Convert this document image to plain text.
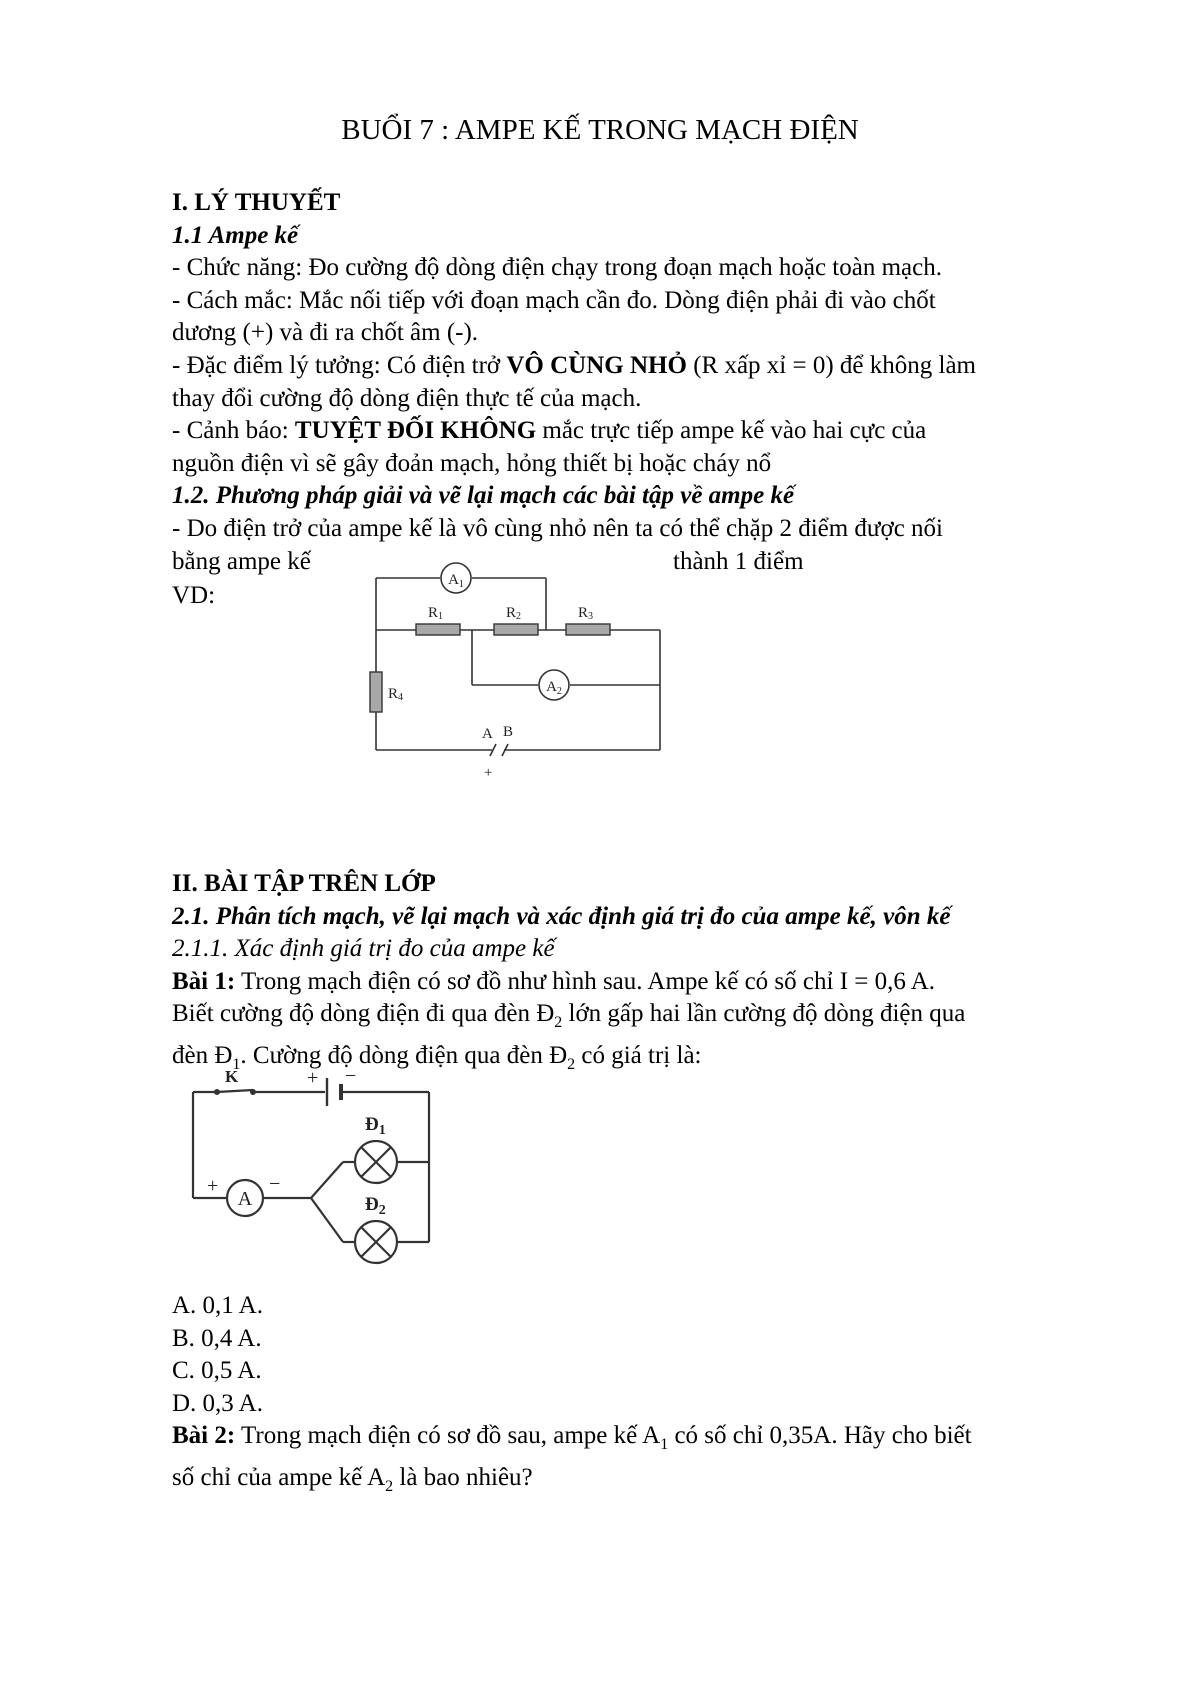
BUỔI 7 : AMPE KẾ TRONG MẠCH ĐIỆN

I. LÝ THUYẾT

1.1 Ampe kế

- Chức năng: Đo cường độ dòng điện chạy trong đoạn mạch hoặc toàn mạch.

- Cách mắc: Mắc nối tiếp với đoạn mạch cần đo. Dòng điện phải đi vào chốt

dương (+) và đi ra chốt âm (-).

- Đặc điểm lý tưởng: Có điện trở VÔ CÙNG NHỎ (R xấp xỉ = 0) để không làm

thay đổi cường độ dòng điện thực tế của mạch.

- Cảnh báo: TUYỆT ĐỐI KHÔNG mắc trực tiếp ampe kế vào hai cực của

nguồn điện vì sẽ gây đoản mạch, hỏng thiết bị hoặc cháy nổ

1.2. Phương pháp giải và vẽ lại mạch các bài tập về ampe kế

- Do điện trở của ampe kế là vô cùng nhỏ nên ta có thể chặp 2 điểm được nối

bằng ampe kế	thành 1 điểm
VD:
$A_1$
R1	R2	R3
$A_2$
R4
A B
+

II. BÀI TẬP TRÊN LỚP

2.1. Phân tích mạch, vẽ lại mạch và xác định giá trị đo của ampe kế, vôn kế

2.1.1. Xác định giá trị đo của ampe kế

Bài 1: Trong mạch điện có sơ đồ như hình sau. Ampe kế có số chỉ I = 0,6 A.

Biết cường độ dòng điện đi qua đèn $Đ_2$ lớn gấp hai lần cường độ dòng điện qua

đèn $Đ_1$. Cường độ dòng điện qua đèn $Đ_2$ có giá trị là:

K	+ −
A
+	−
$Đ_1$
$Đ_2$

A. 0,1 A.

B. 0,4 A.

C. 0,5 A.

D. 0,3 A.

Bài 2: Trong mạch điện có sơ đồ sau, ampe kế $A_1$ có số chỉ 0,35A. Hãy cho biết

số chỉ của ampe kế $A_2$ là bao nhiêu?
